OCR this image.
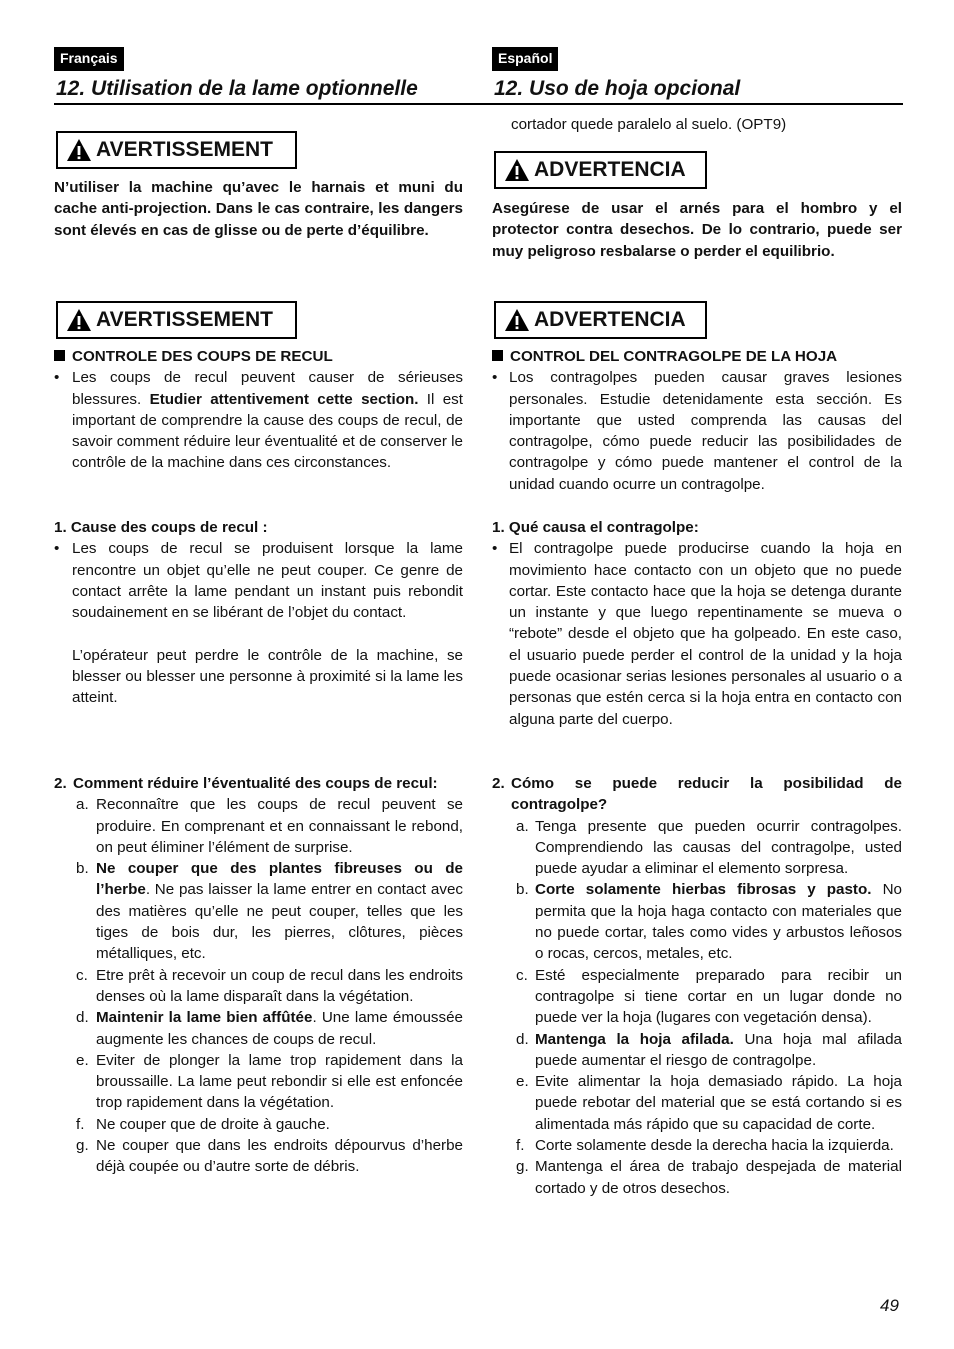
Français	Español
12. Utilisation de la lame optionnelle	12. Uso de hoja opcional
AVERTISSEMENT
ADVERTENCIA
AVERTISSEMENT	ADVERTENCIA

N’utiliser la machine qu’avec le harnais et muni du cache anti-projection. Dans le cas contraire, les dangers sont élevés en cas de glisse ou de perte d’équilibre.

CONTROLE DES COUPS DE RECUL

• Les coups de recul peuvent causer de sérieuses blessures. Etudier attentivement cette section. Il est important de comprendre la cause des coups de recul, de savoir comment réduire leur éventualité et de conserver le contrôle de la machine dans ces circonstances.

1. Cause des coups de recul :

• Les coups de recul se produisent lorsque la lame rencontre un objet qu’elle ne peut couper. Ce genre de contact arrête la lame pendant un instant puis rebondit soudainement en se libérant de l’objet du contact.

L’opérateur peut perdre le contrôle de la machine, se blesser ou blesser une personne à proximité si la lame les atteint.

2. Comment réduire l’éventualité des coups de recul:
a. Reconnaître que les coups de recul peuvent se produire. En comprenant et en connaissant le rebond, on peut éliminer l’élément de surprise.
b. Ne couper que des plantes fibreuses ou de l’herbe. Ne pas laisser la lame entrer en contact avec des matières qu’elle ne peut couper, telles que les tiges de bois dur, les pierres, clôtures, pièces métalliques, etc.
c. Etre prêt à recevoir un coup de recul dans les endroits denses où la lame disparaît dans la végétation.
d. Maintenir la lame bien affûtée. Une lame émoussée augmente les chances de coups de recul.
e. Eviter de plonger la lame trop rapidement dans la broussaille. La lame peut rebondir si elle est enfoncée trop rapidement dans la végétation.
f. Ne couper que de droite à gauche.
g. Ne couper que dans les endroits dépourvus d’herbe déjà coupée ou d’autre sorte de débris.
cortador quede paralelo al suelo. (OPT9)

Asegúrese de usar el arnés para el hombro y el protector contra desechos. De lo contrario, puede ser muy peligroso resbalarse o perder el equilibrio.

CONTROL DEL CONTRAGOLPE DE LA HOJA

• Los contragolpes pueden causar graves lesiones personales. Estudie detenidamente esta sección. Es importante que usted comprenda las causas del contragolpe, cómo puede reducir las posibilidades de contragolpe y cómo puede mantener el control de la unidad cuando ocurre un contragolpe.

1. Qué causa el contragolpe:

• El contragolpe puede producirse cuando la hoja en movimiento hace contacto con un objeto que no puede cortar. Este contacto hace que la hoja se detenga durante un instante y que luego repentinamente se mueva o “rebote” desde el objeto que ha golpeado. En este caso, el usuario puede perder el control de la unidad y la hoja puede ocasionar serias lesiones personales al usuario o a personas que estén cerca si la hoja entra en contacto con alguna parte del cuerpo.
2. Cómo se puede reducir la posibilidad de contragolpe?
a. Tenga presente que pueden ocurrir contragolpes. Comprendiendo las causas del contragolpe, usted puede ayudar a eliminar el elemento sorpresa.
b. Corte solamente hierbas fibrosas y pasto. No permita que la hoja haga contacto con materiales que no puede cortar, tales como vides y arbustos leñosos o rocas, cercos, metales, etc.
c. Esté especialmente preparado para recibir un contragolpe si tiene cortar en un lugar donde no puede ver la hoja (lugares con vegetación densa).
d. Mantenga la hoja afilada. Una hoja mal afilada puede aumentar el riesgo de contragolpe.
e. Evite alimentar la hoja demasiado rápido. La hoja puede rebotar del material que se está cortando si es alimentada más rápido que su capacidad de corte.
f. Corte solamente desde la derecha hacia la izquierda.
g. Mantenga el área de trabajo despejada de material cortado y de otros desechos.
49
